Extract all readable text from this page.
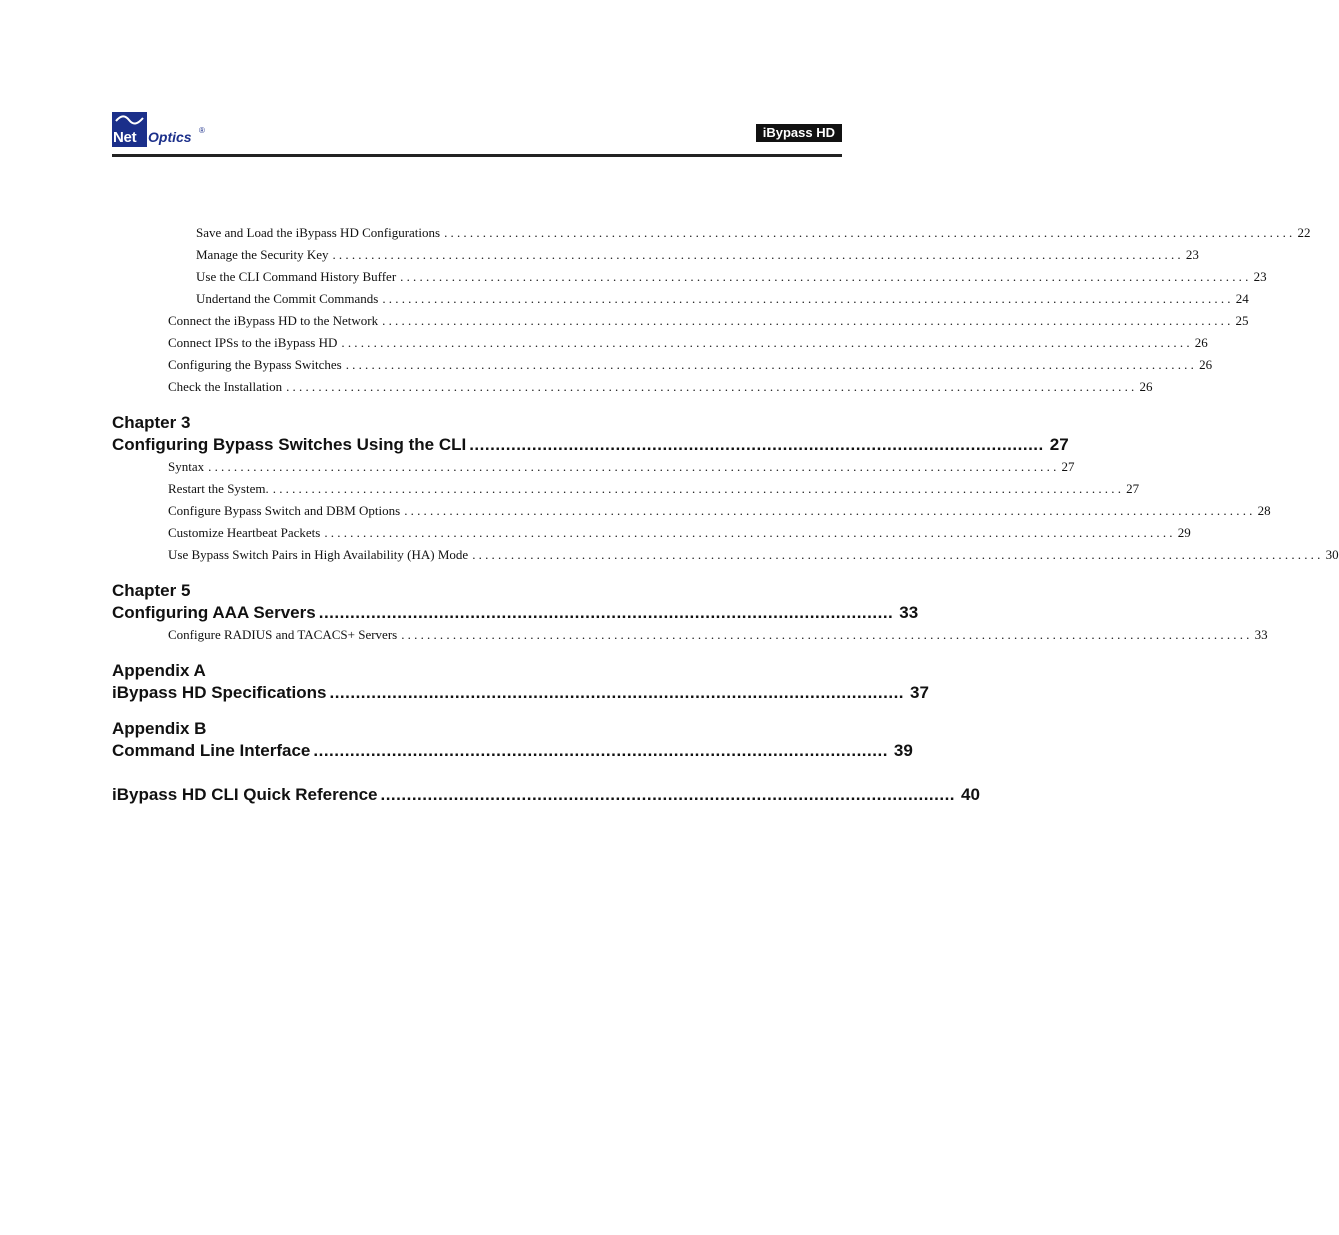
Net Optics ®	iBypass HD
Save and Load the iBypass HD Configurations .................................................................................................................................... 22
Manage the Security Key .................................................................................................................................... 23
Use the CLI Command History Buffer .................................................................................................................................... 23
Undertand the Commit Commands .................................................................................................................................... 24
Connect the iBypass HD to the Network .................................................................................................................................... 25
Connect IPSs to the iBypass HD .................................................................................................................................... 26
Configuring the Bypass Switches .................................................................................................................................... 26
Check the Installation .................................................................................................................................... 26
Chapter 3
Configuring Bypass Switches Using the CLI .............................................................................................................. 27
Syntax .................................................................................................................................... 27
Restart the System. .................................................................................................................................... 27
Configure Bypass Switch and DBM Options .................................................................................................................................... 28
Customize Heartbeat Packets .................................................................................................................................... 29
Use Bypass Switch Pairs in High Availability (HA) Mode .................................................................................................................................... 30
Chapter 5
Configuring AAA Servers .............................................................................................................. 33
Configure RADIUS and TACACS+ Servers .................................................................................................................................... 33
Appendix A
iBypass HD Specifications .............................................................................................................. 37
Appendix B
Command Line Interface .............................................................................................................. 39
iBypass HD CLI Quick Reference .............................................................................................................. 40
